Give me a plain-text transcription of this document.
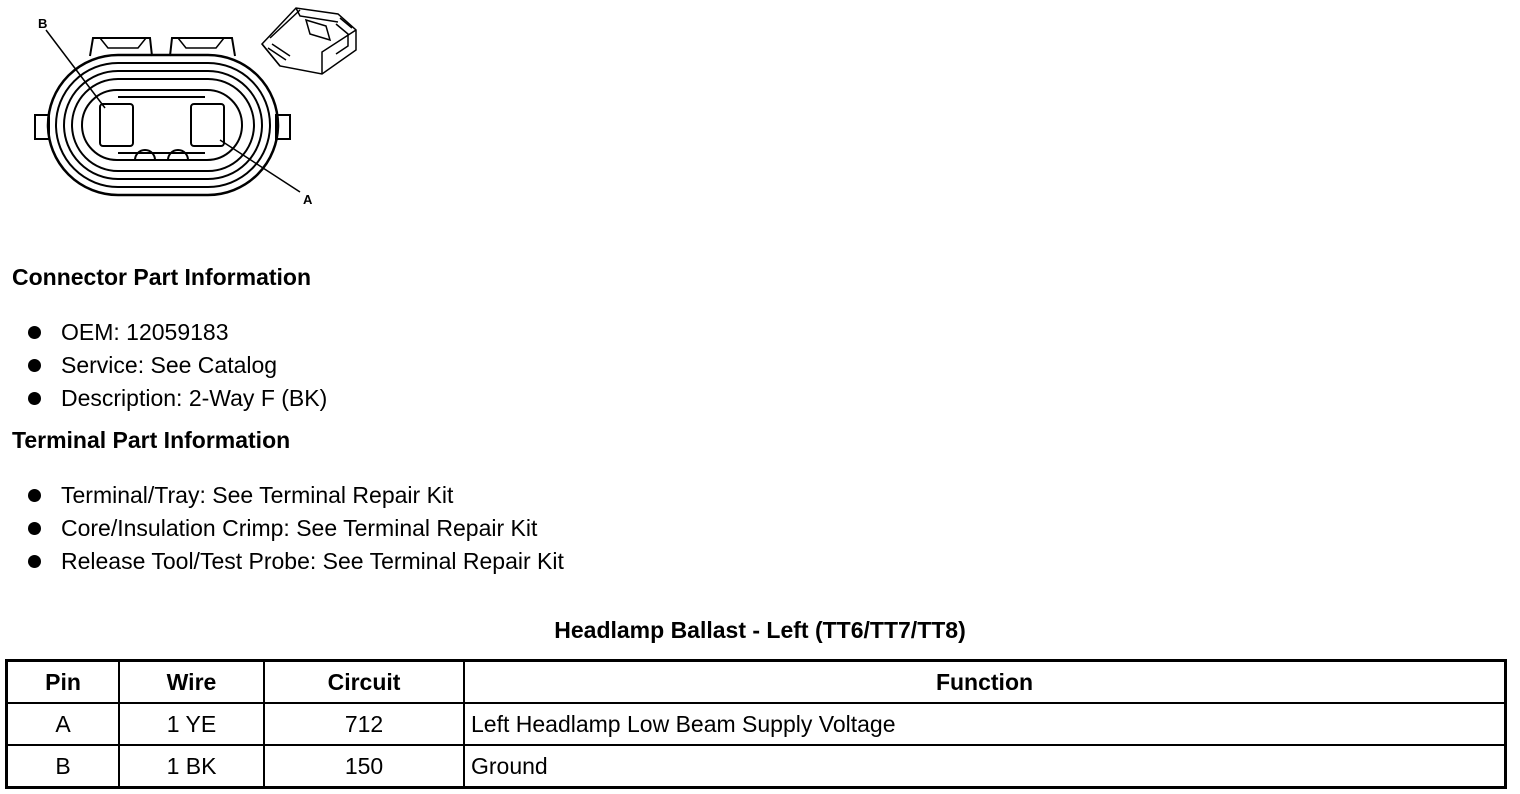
B
A
Connector Part Information
OEM: 12059183
Service: See Catalog
Description: 2-Way F (BK)
Terminal Part Information
Terminal/Tray: See Terminal Repair Kit
Core/Insulation Crimp: See Terminal Repair Kit
Release Tool/Test Probe: See Terminal Repair Kit
Headlamp Ballast - Left (TT6/TT7/TT8)
Pin	Wire	Circuit	Function
A	1 YE	712	Left Headlamp Low Beam Supply Voltage
B	1 BK	150	Ground
